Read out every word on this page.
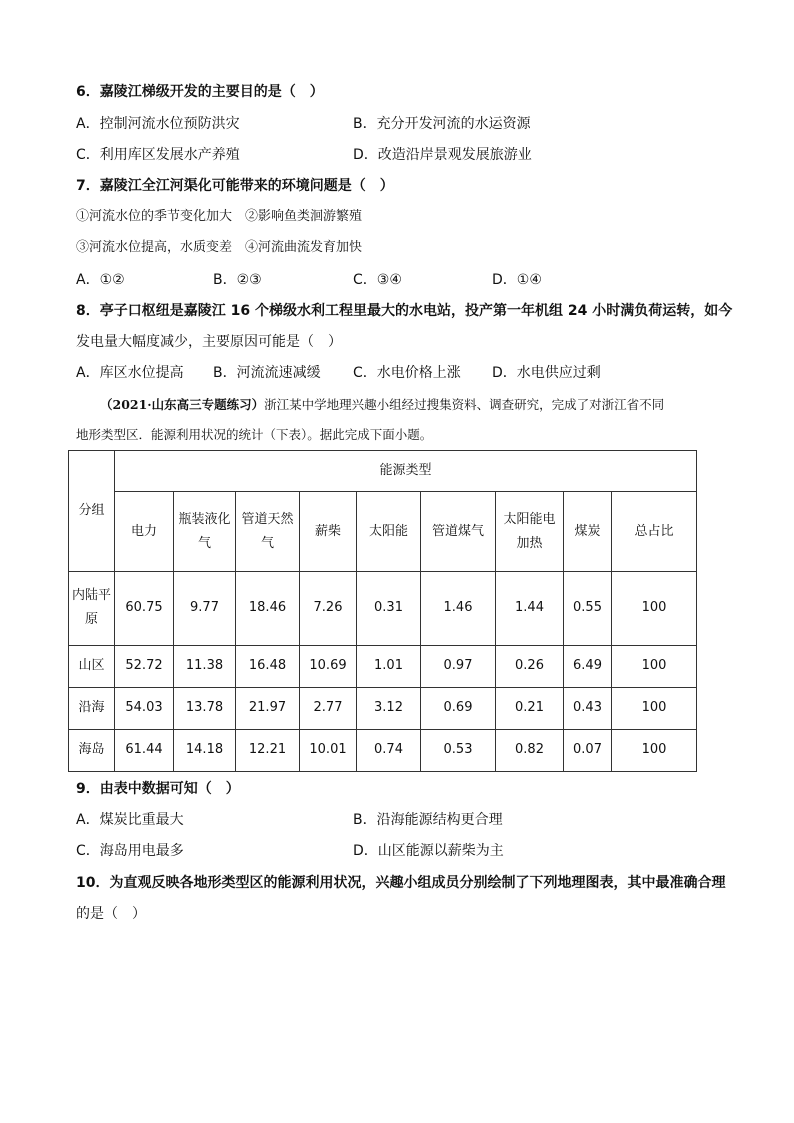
6．嘉陵江梯级开发的主要目的是（　）
A．控制河流水位预防洪灾	B．充分开发河流的水运资源
C．利用库区发展水产养殖	D．改造沿岸景观发展旅游业
7．嘉陵江全江河渠化可能带来的环境问题是（　）
①河流水位的季节变化加大　②影响鱼类洄游繁殖
③河流水位提高，水质变差　④河流曲流发育加快
A．①②	B．②③	C．③④	D．①④
8．亭子口枢纽是嘉陵江 16 个梯级水利工程里最大的水电站，投产第一年机组 24 小时满负荷运转，如今
发电量大幅度减少，主要原因可能是（　）
A．库区水位提高 B．河流流速减缓 C．水电价格上涨 D．水电供应过剩
（2021·山东高三专题练习）浙江某中学地理兴趣小组经过搜集资料、调查研究，完成了对浙江省不同
地形类型区．能源利用状况的统计（下表）。据此完成下面小题。
分组	能源类型								
	电力	瓶装液化气	管道天然气	薪柴	太阳能	管道煤气	太阳能电加热	煤炭	总占比
内陆平原	60.75	9.77	18.46	7.26	0.31	1.46	1.44	0.55	100
山区	52.72	11.38	16.48	10.69	1.01	0.97	0.26	6.49	100
沿海	54.03	13.78	21.97	2.77	3.12	0.69	0.21	0.43	100
海岛	61.44	14.18	12.21	10.01	0.74	0.53	0.82	0.07	100
9．由表中数据可知（　）
A．煤炭比重最大	B．沿海能源结构更合理
C．海岛用电最多	D．山区能源以薪柴为主
10．为直观反映各地形类型区的能源利用状况，兴趣小组成员分别绘制了下列地理图表，其中最准确合理
的是（　）
